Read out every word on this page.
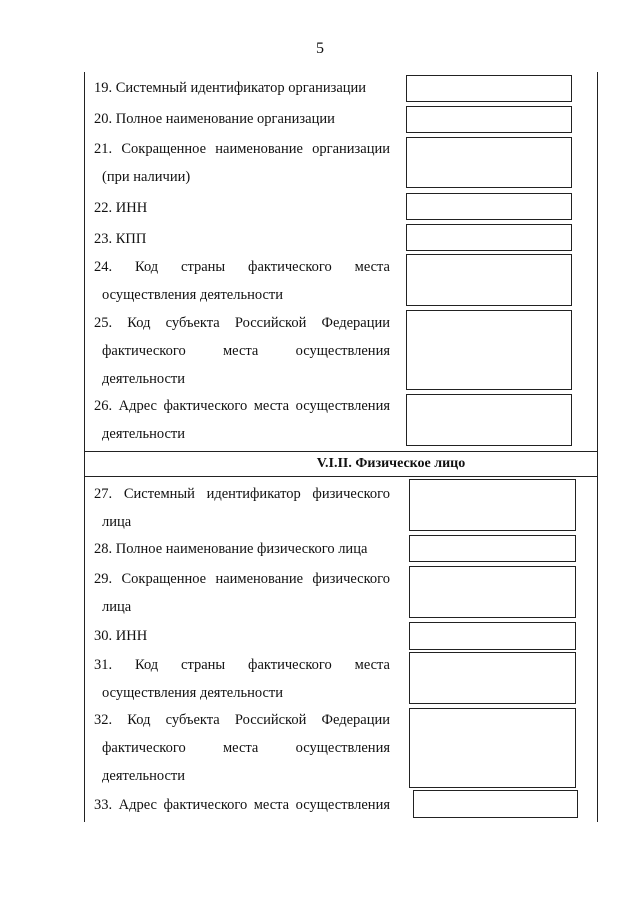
5
19. Системный идентификатор организации
20. Полное наименование организации
21. Сокращенное наименование организации
(при наличии)
22. ИНН
23. КПП
24. Код страны фактического места
осуществления деятельности
25. Код субъекта Российской Федерации
фактического места осуществления
деятельности
26. Адрес фактического места осуществления
деятельности
V.I.II. Физическое лицо
27. Системный идентификатор физического
лица
28. Полное наименование физического лица
29. Сокращенное наименование физического
лица
30. ИНН
31. Код страны фактического места
осуществления деятельности
32. Код субъекта Российской Федерации
фактического места осуществления
деятельности
33. Адрес фактического места осуществления
